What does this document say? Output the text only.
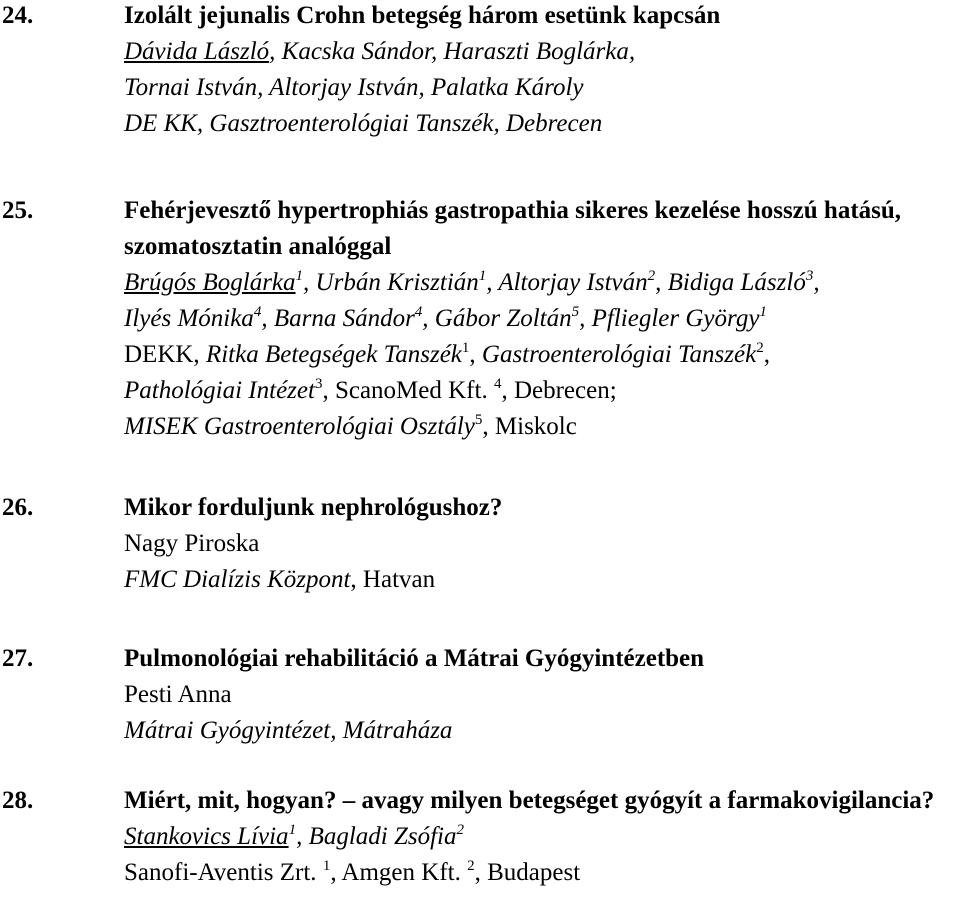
24.	Izolált jejunalis Crohn betegség három esetünk kapcsán
Dávida László, Kacska Sándor, Haraszti Boglárka,
Tornai István, Altorjay István, Palatka Károly
DE KK, Gasztroenterológiai Tanszék, Debrecen
25.	Fehérjevesztő hypertrophiás gastropathia sikeres kezelése hosszú hatású, szomatosztatin analóggal
Brúgós Boglárka$^1$, Urbán Krisztián$^1$, Altorjay István$^2$, Bidiga László$^3$,
Ilyés Mónika$^4$, Barna Sándor$^4$, Gábor Zoltán$^5$, Pfliegler György$^1$
DEKK, Ritka Betegségek Tanszék$^1$, Gastroenterológiai Tanszék$^2$,
Pathológiai Intézet$^3$, ScanoMed Kft. $^4$, Debrecen;
MISEK Gastroenterológiai Osztály$^5$, Miskolc
26.	Mikor forduljunk nephrológushoz?
Nagy Piroska
FMC Dialízis Központ, Hatvan
27.	Pulmonológiai rehabilitáció a Mátrai Gyógyintézetben
Pesti Anna
Mátrai Gyógyintézet, Mátraháza
28.	Miért, mit, hogyan? – avagy milyen betegséget gyógyít a farmakovigilancia?
Stankovics Lívia$^1$, Bagladi Zsófia$^2$
Sanofi-Aventis Zrt. $^1$, Amgen Kft. $^2$, Budapest
